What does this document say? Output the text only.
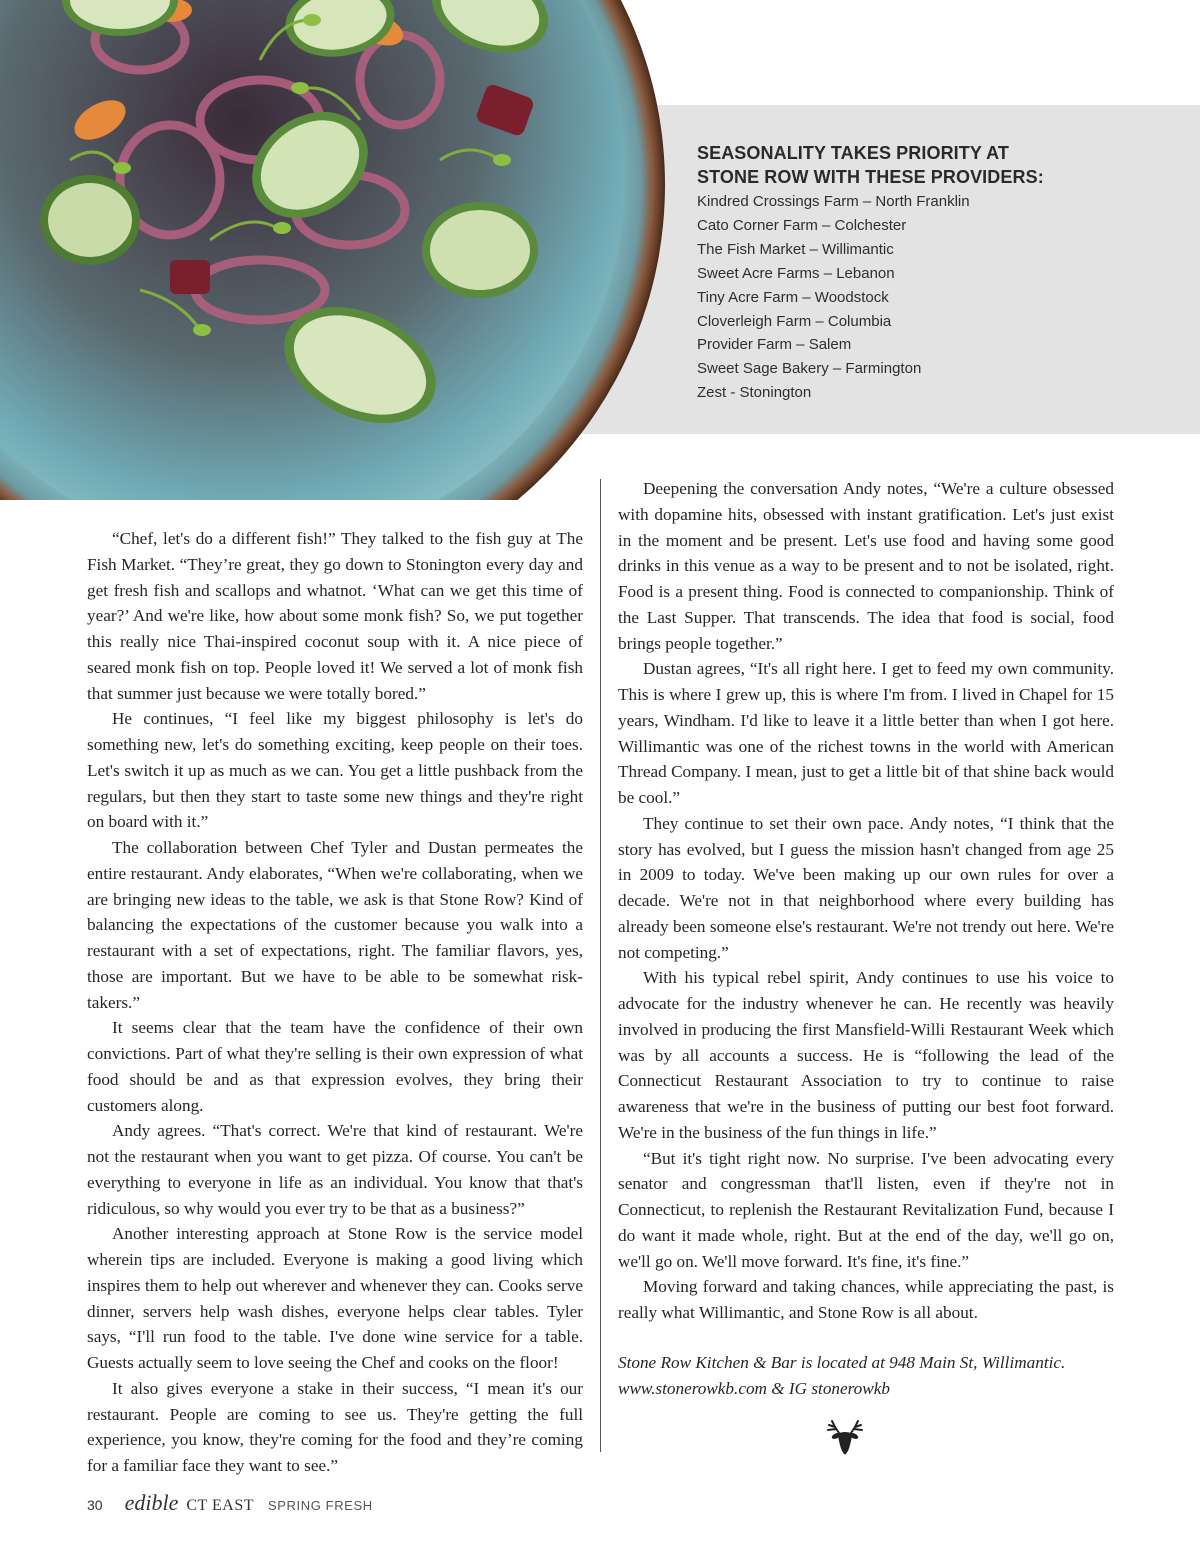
SEASONALITY TAKES PRIORITY AT
STONE ROW WITH THESE PROVIDERS:
Kindred Crossings Farm – North Franklin
Cato Corner Farm – Colchester
The Fish Market – Willimantic
Sweet Acre Farms – Lebanon
Tiny Acre Farm – Woodstock
Cloverleigh Farm – Columbia
Provider Farm – Salem
Sweet Sage Bakery – Farmington
Zest - Stonington

“Chef, let's do a different fish!” They talked to the fish guy at The Fish Market. “They’re great, they go down to Stonington every day and get fresh fish and scallops and whatnot. ‘What can we get this time of year?’ And we're like, how about some monk fish? So, we put together this really nice Thai-inspired coconut soup with it. A nice piece of seared monk fish on top. People loved it! We served a lot of monk fish that summer just because we were totally bored.”

He continues, “I feel like my biggest philosophy is let's do something new, let's do something exciting, keep people on their toes. Let's switch it up as much as we can. You get a little pushback from the regulars, but then they start to taste some new things and they're right on board with it.”

The collaboration between Chef Tyler and Dustan permeates the entire restaurant. Andy elaborates, “When we're collaborating, when we are bringing new ideas to the table, we ask is that Stone Row? Kind of balancing the expectations of the customer because you walk into a restaurant with a set of expectations, right. The familiar flavors, yes, those are important. But we have to be able to be somewhat risk-takers.”

It seems clear that the team have the confidence of their own convictions. Part of what they're selling is their own expression of what food should be and as that expression evolves, they bring their customers along.

Andy agrees. “That's correct. We're that kind of restaurant. We're not the restaurant when you want to get pizza. Of course. You can't be everything to everyone in life as an individual. You know that that's ridiculous, so why would you ever try to be that as a business?”

Another interesting approach at Stone Row is the service model wherein tips are included. Everyone is making a good living which inspires them to help out wherever and whenever they can. Cooks serve dinner, servers help wash dishes, everyone helps clear tables. Tyler says, “I'll run food to the table. I've done wine service for a table. Guests actually seem to love seeing the Chef and cooks on the floor!

It also gives everyone a stake in their success, “I mean it's our restaurant. People are coming to see us. They're getting the full experience, you know, they're coming for the food and they’re coming for a familiar face they want to see.”

Deepening the conversation Andy notes, “We're a culture obsessed with dopamine hits, obsessed with instant gratification. Let's just exist in the moment and be present. Let's use food and having some good drinks in this venue as a way to be present and to not be isolated, right. Food is a present thing. Food is connected to companionship. Think of the Last Supper. That transcends. The idea that food is social, food brings people together.”

Dustan agrees, “It's all right here. I get to feed my own community. This is where I grew up, this is where I'm from. I lived in Chapel for 15 years, Windham. I'd like to leave it a little better than when I got here. Willimantic was one of the richest towns in the world with American Thread Company. I mean, just to get a little bit of that shine back would be cool.”

They continue to set their own pace. Andy notes, “I think that the story has evolved, but I guess the mission hasn't changed from age 25 in 2009 to today. We've been making up our own rules for over a decade. We're not in that neighborhood where every building has already been someone else's restaurant. We're not trendy out here. We're not competing.”

With his typical rebel spirit, Andy continues to use his voice to advocate for the industry whenever he can. He recently was heavily involved in producing the first Mansfield-Willi Restaurant Week which was by all accounts a success. He is “following the lead of the Connecticut Restaurant Association to try to continue to raise awareness that we're in the business of putting our best foot forward. We're in the business of the fun things in life.”

“But it's tight right now. No surprise. I've been advocating every senator and congressman that'll listen, even if they're not in Connecticut, to replenish the Restaurant Revitalization Fund, because I do want it made whole, right. But at the end of the day, we'll go on, we'll go on. We'll move forward. It's fine, it's fine.”

Moving forward and taking chances, while appreciating the past, is really what Willimantic, and Stone Row is all about.

Stone Row Kitchen & Bar is located at 948 Main St, Willimantic.
www.stonerowkb.com & IG stonerowkb

30 edible CT EAST SPRING FRESH
